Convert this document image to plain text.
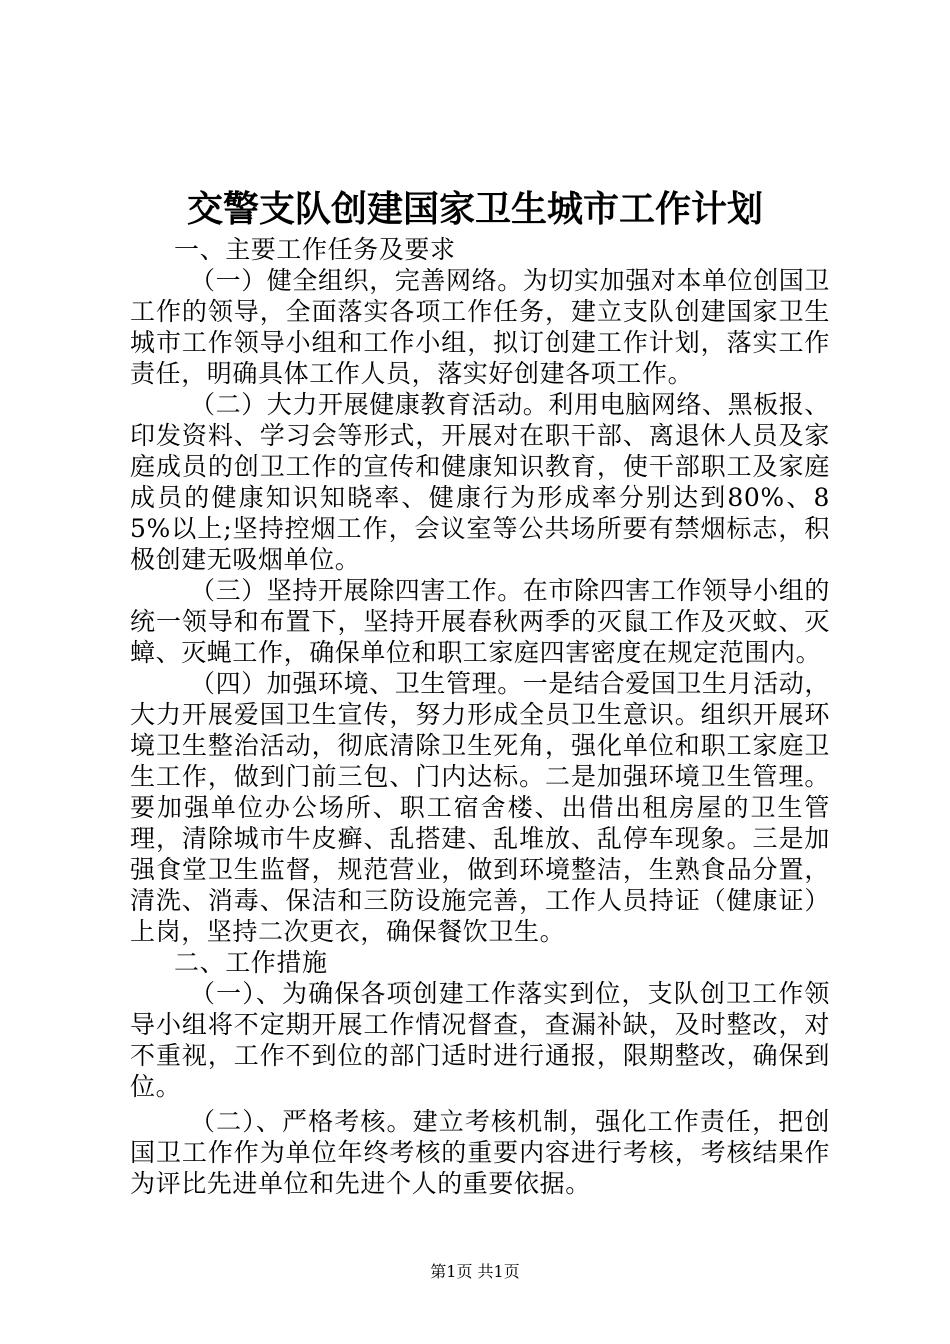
交警支队创建国家卫生城市工作计划

一、主要工作任务及要求

（一）健全组织，完善网络。为切实加强对本单位创国卫工作的领导，全面落实各项工作任务，建立支队创建国家卫生城市工作领导小组和工作小组，拟订创建工作计划，落实工作责任，明确具体工作人员，落实好创建各项工作。

（二）大力开展健康教育活动。利用电脑网络、黑板报、印发资料、学习会等形式，开展对在职干部、离退休人员及家庭成员的创卫工作的宣传和健康知识教育，使干部职工及家庭成员的健康知识知晓率、健康行为形成率分别达到80%、85%以上;坚持控烟工作，会议室等公共场所要有禁烟标志，积极创建无吸烟单位。

（三）坚持开展除四害工作。在市除四害工作领导小组的统一领导和布置下，坚持开展春秋两季的灭鼠工作及灭蚊、灭蟑、灭蝇工作，确保单位和职工家庭四害密度在规定范围内。

（四）加强环境、卫生管理。一是结合爱国卫生月活动，大力开展爱国卫生宣传，努力形成全员卫生意识。组织开展环境卫生整治活动，彻底清除卫生死角，强化单位和职工家庭卫生工作，做到门前三包、门内达标。二是加强环境卫生管理。要加强单位办公场所、职工宿舍楼、出借出租房屋的卫生管理，清除城市牛皮癣、乱搭建、乱堆放、乱停车现象。三是加强食堂卫生监督，规范营业，做到环境整洁，生熟食品分置，清洗、消毒、保洁和三防设施完善，工作人员持证（健康证）上岗，坚持二次更衣，确保餐饮卫生。

二、工作措施

（一）、为确保各项创建工作落实到位，支队创卫工作领导小组将不定期开展工作情况督查，查漏补缺，及时整改，对不重视，工作不到位的部门适时进行通报，限期整改，确保到位。

（二）、严格考核。建立考核机制，强化工作责任，把创国卫工作作为单位年终考核的重要内容进行考核，考核结果作为评比先进单位和先进个人的重要依据。

第1页 共1页
